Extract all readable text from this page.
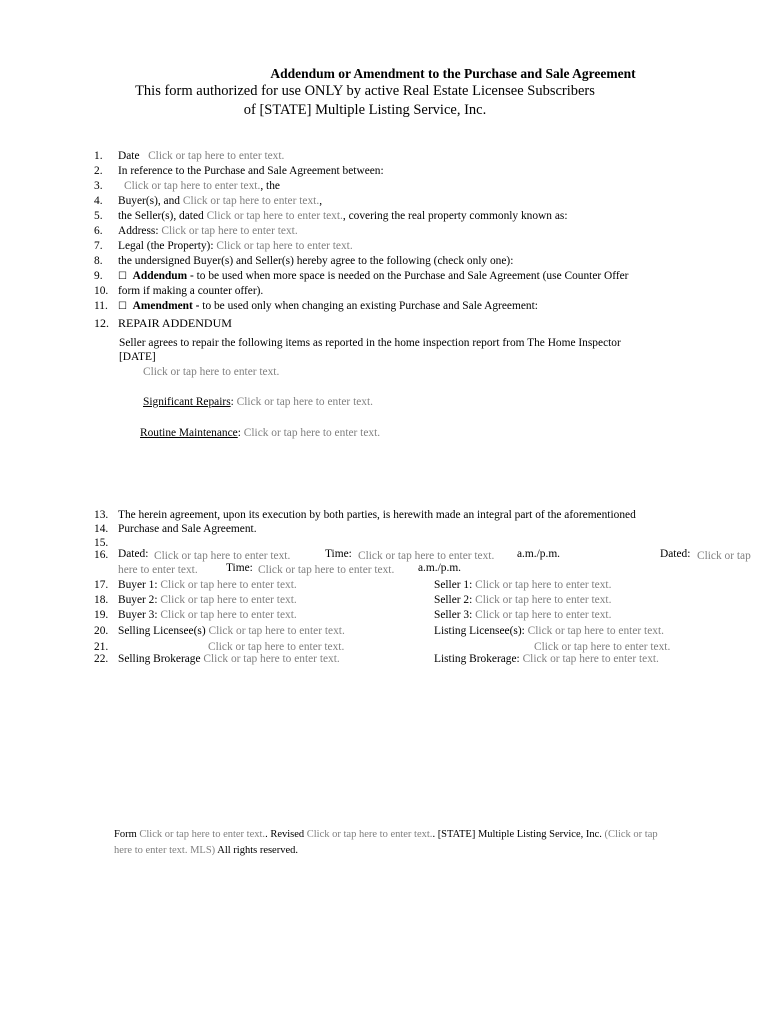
Addendum or Amendment to the Purchase and Sale Agreement
This form authorized for use ONLY by active Real Estate Licensee Subscribers
of [STATE] Multiple Listing Service, Inc.
1.	Date Click or tap here to enter text.
2.	In reference to the Purchase and Sale Agreement between:
3.	Click or tap here to enter text., the
4.	Buyer(s), and Click or tap here to enter text.,
5.	the Seller(s), dated Click or tap here to enter text., covering the real property commonly known as:
6.	Address: Click or tap here to enter text.
7.	Legal (the Property): Click or tap here to enter text.
8.	the undersigned Buyer(s) and Seller(s) hereby agree to the following (check only one):
9.	☐ Addendum - to be used when more space is needed on the Purchase and Sale Agreement (use Counter Offer
10. form if making a counter offer).
11.	☐ Amendment - to be used only when changing an existing Purchase and Sale Agreement:
12. REPAIR ADDENDUM
Seller agrees to repair the following items as reported in the home inspection report from The Home Inspector
[DATE]
Click or tap here to enter text.
Significant Repairs: Click or tap here to enter text.
Routine Maintenance: Click or tap here to enter text.
13. The herein agreement, upon its execution by both parties, is herewith made an integral part of the aforementioned
14. Purchase and Sale Agreement.
15.
16. Dated: Click or tap here to enter text.	Time: Click or tap here to enter text. a.m./p.m.	Dated: Click or tap
here to enter text. Time: Click or tap here to enter text. a.m./p.m.
17. Buyer 1: Click or tap here to enter text.	Seller 1: Click or tap here to enter text.
18. Buyer 2: Click or tap here to enter text.	Seller 2: Click or tap here to enter text.
19. Buyer 3: Click or tap here to enter text.	Seller 3: Click or tap here to enter text.
20. Selling Licensee(s) Click or tap here to enter text.	Listing Licensee(s): Click or tap here to enter text.
21.	Click or tap here to enter text.	Click or tap here to enter text.
22. Selling Brokerage Click or tap here to enter text.	Listing Brokerage: Click or tap here to enter text.
Form Click or tap here to enter text.. Revised Click or tap here to enter text.. [STATE] Multiple Listing Service, Inc. (Click or tap
here to enter text. MLS) All rights reserved.
